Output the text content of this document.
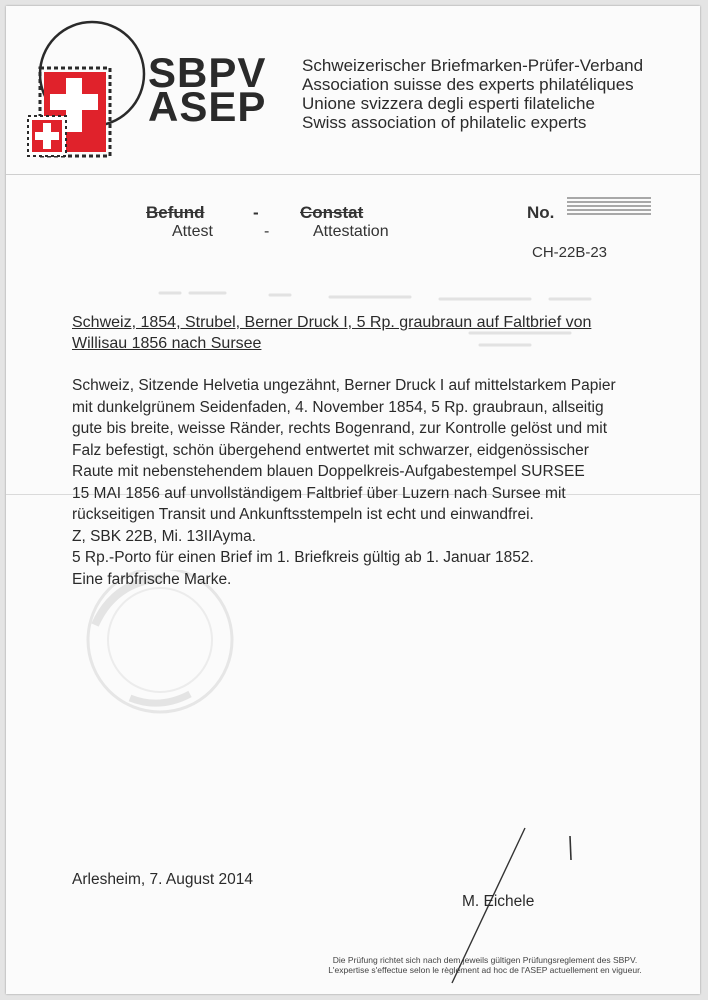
SBPV
ASEP
Schweizerischer Briefmarken-Prüfer-Verband
Association suisse des experts philatéliques
Unione svizzera degli esperti filateliche
Swiss association of philatelic experts
Befund	- Constat
Attest	-	Attestation
No.
CH-22B-23
Schweiz, 1854, Strubel, Berner Druck I, 5 Rp. graubraun auf Faltbrief von
Willisau 1856 nach Sursee
Schweiz, Sitzende Helvetia ungezähnt, Berner Druck I auf mittelstarkem Papier
mit dunkelgrünem Seidenfaden, 4. November 1854, 5 Rp. graubraun, allseitig
gute bis breite, weisse Ränder, rechts Bogenrand, zur Kontrolle gelöst und mit
Falz befestigt, schön übergehend entwertet mit schwarzer, eidgenössischer
Raute mit nebenstehendem blauen Doppelkreis-Aufgabestempel SURSEE
15 MAI 1856 auf unvollständigem Faltbrief über Luzern nach Sursee mit
rückseitigen Transit und Ankunftsstempeln ist echt und einwandfrei.
Z, SBK 22B, Mi. 13IIAyma.
5 Rp.-Porto für einen Brief im 1. Briefkreis gültig ab 1. Januar 1852.
Eine farbfrische Marke.
Arlesheim, 7. August 2014
M. Eichele
Die Prüfung richtet sich nach dem jeweils gültigen Prüfungsreglement des SBPV.
L'expertise s'effectue selon le règlement ad hoc de l'ASEP actuellement en vigueur.
